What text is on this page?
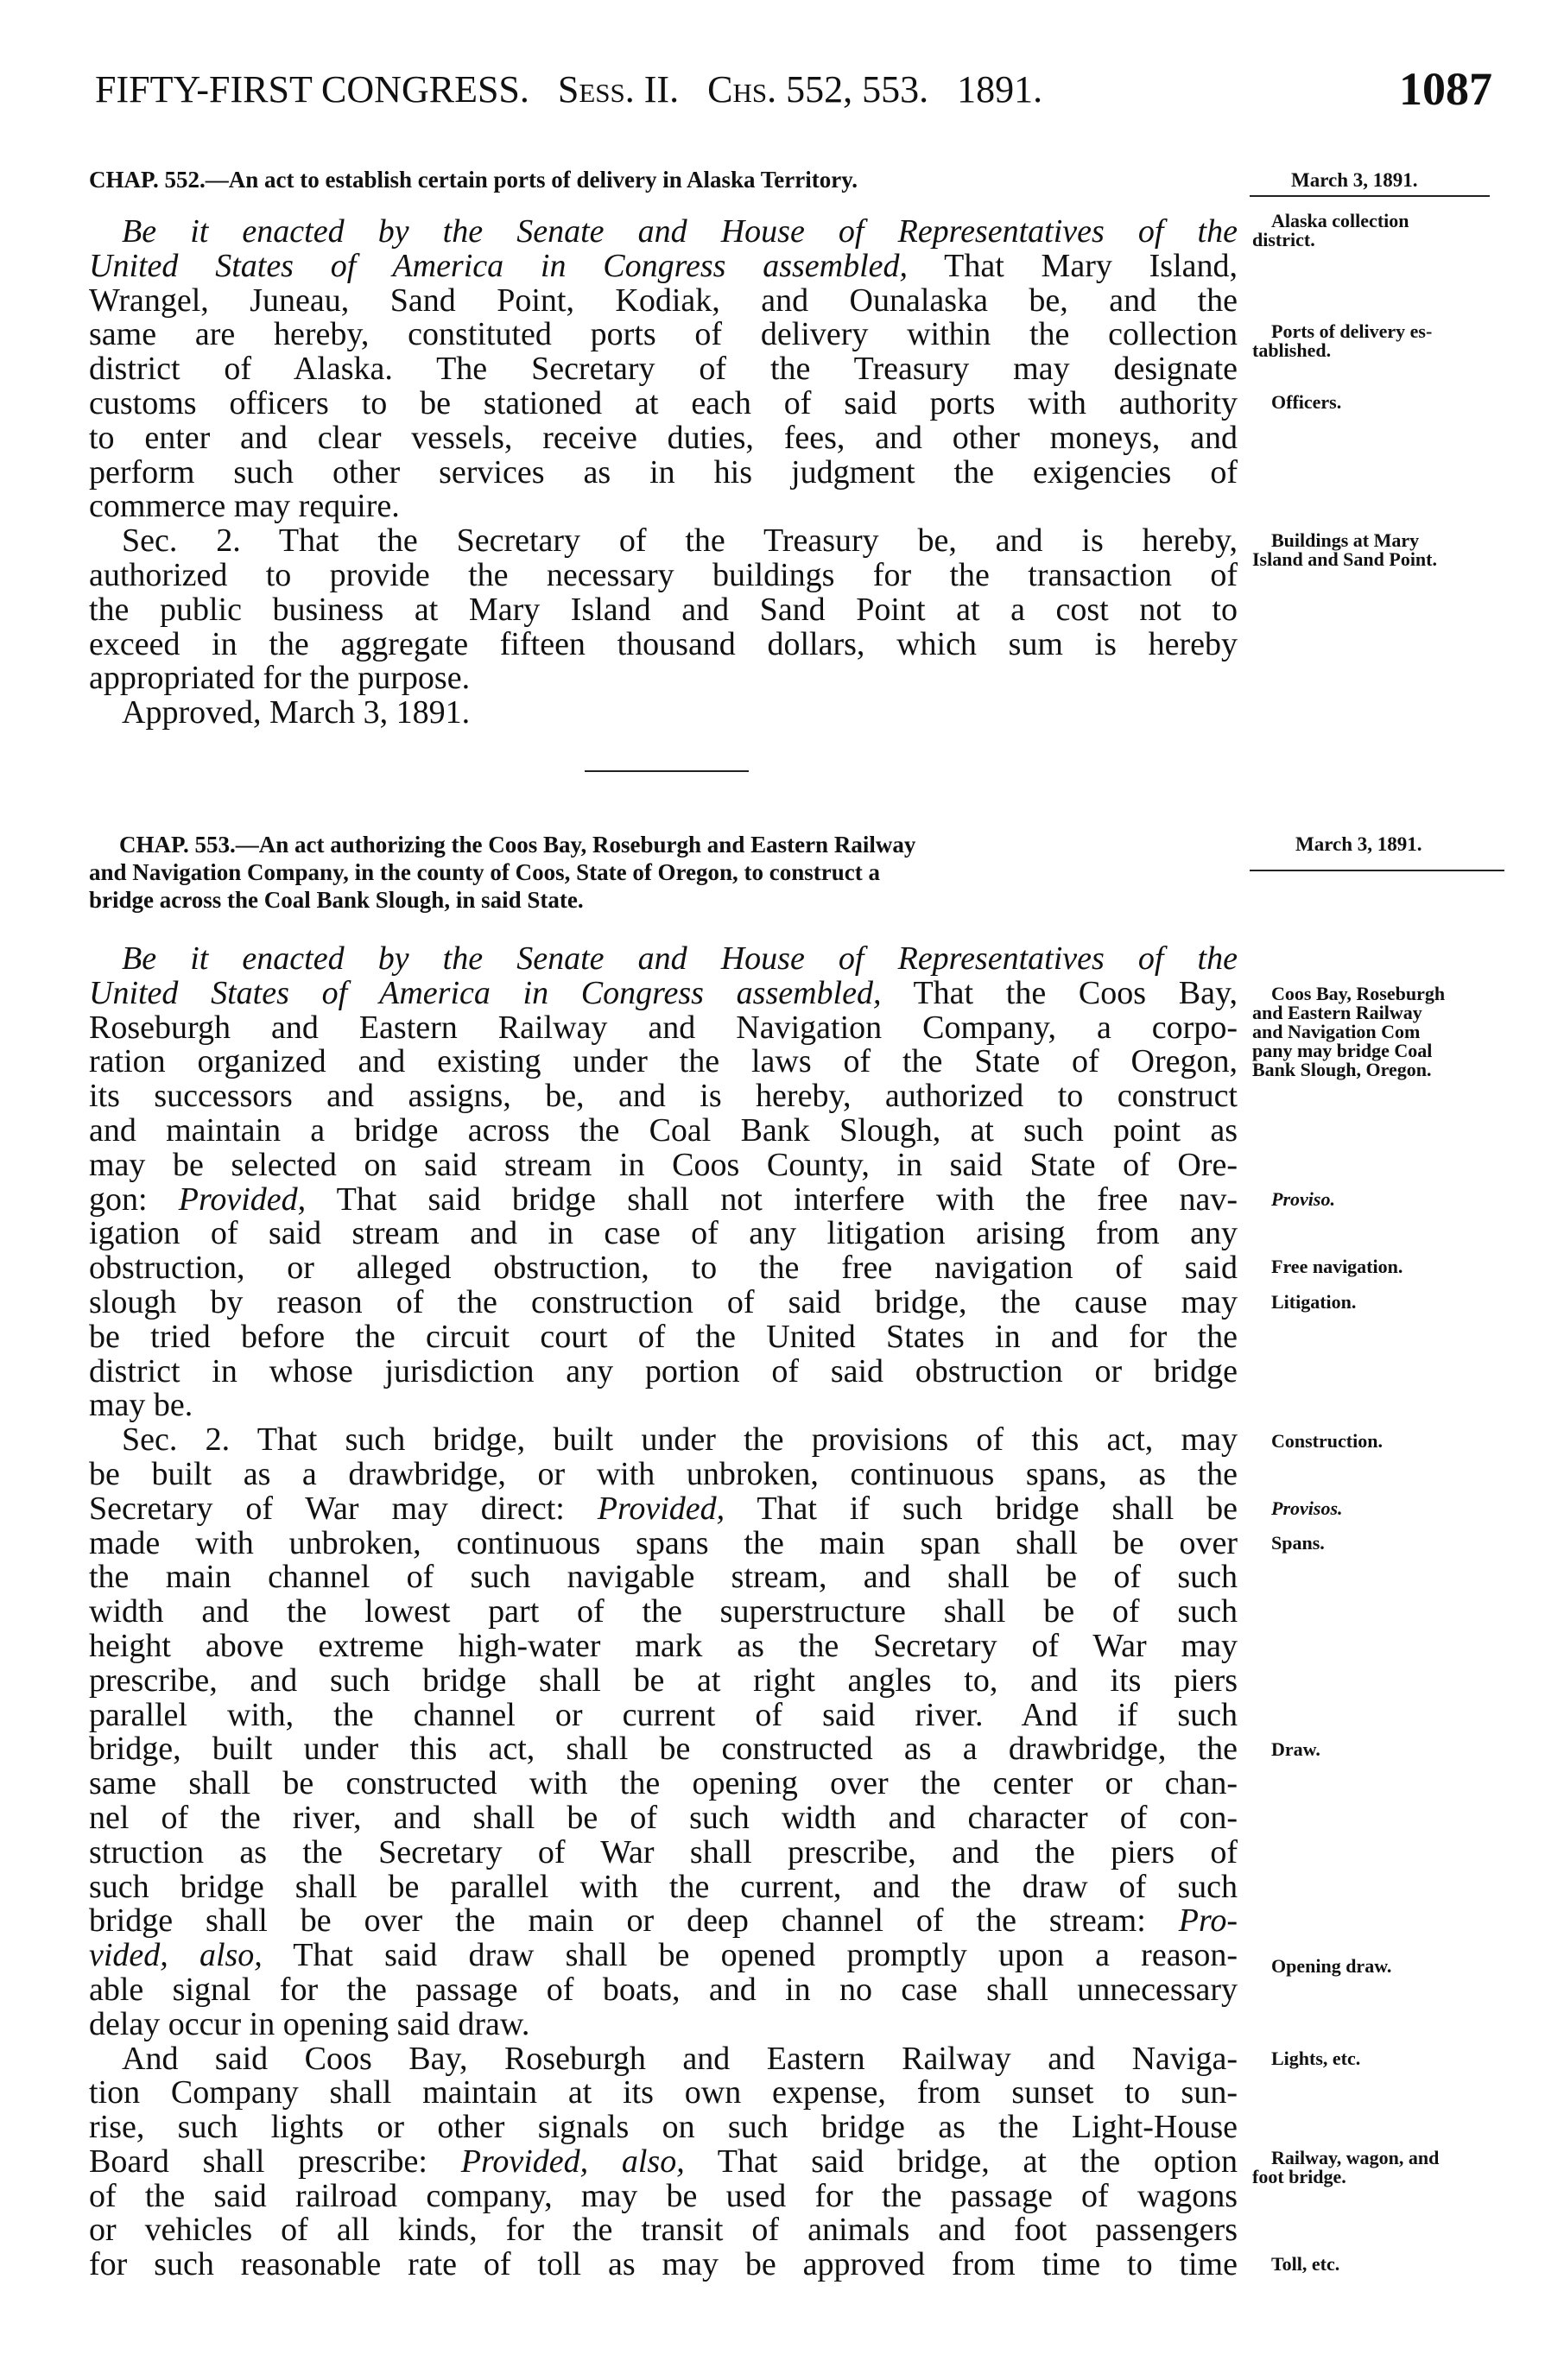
FIFTY-FIRST CONGRESS. Sess. II. Chs. 552, 553. 1891.	1087
CHAP. 552.—An act to establish certain ports of delivery in Alaska Territory.	March 3, 1891.
Be it enacted by the Senate and House of Representatives of the
United States of America in Congress assembled, That Mary Island,
Wrangel, Juneau, Sand Point, Kodiak, and Ounalaska be, and the
same are hereby, constituted ports of delivery within the collection
district of Alaska. The Secretary of the Treasury may designate
customs officers to be stationed at each of said ports with authority
to enter and clear vessels, receive duties, fees, and other moneys, and
perform such other services as in his judgment the exigencies of
commerce may require.
Sec. 2. That the Secretary of the Treasury be, and is hereby,
authorized to provide the necessary buildings for the transaction of
the public business at Mary Island and Sand Point at a cost not to
exceed in the aggregate fifteen thousand dollars, which sum is hereby
appropriated for the purpose.
Approved, March 3, 1891.
CHAP. 553.—An act authorizing the Coos Bay, Roseburgh and Eastern Railway
and Navigation Company, in the county of Coos, State of Oregon, to construct a
bridge across the Coal Bank Slough, in said State.
March 3, 1891.
Be it enacted by the Senate and House of Representatives of the
United States of America in Congress assembled, That the Coos Bay,
Roseburgh and Eastern Railway and Navigation Company, a corpo-
ration organized and existing under the laws of the State of Oregon,
its successors and assigns, be, and is hereby, authorized to construct
and maintain a bridge across the Coal Bank Slough, at such point as
may be selected on said stream in Coos County, in said State of Ore-
gon: Provided, That said bridge shall not interfere with the free nav-
igation of said stream and in case of any litigation arising from any
obstruction, or alleged obstruction, to the free navigation of said
slough by reason of the construction of said bridge, the cause may
be tried before the circuit court of the United States in and for the
district in whose jurisdiction any portion of said obstruction or bridge
may be.
Sec. 2. That such bridge, built under the provisions of this act, may
be built as a drawbridge, or with unbroken, continuous spans, as the
Secretary of War may direct: Provided, That if such bridge shall be
made with unbroken, continuous spans the main span shall be over
the main channel of such navigable stream, and shall be of such
width and the lowest part of the superstructure shall be of such
height above extreme high-water mark as the Secretary of War may
prescribe, and such bridge shall be at right angles to, and its piers
parallel with, the channel or current of said river. And if such
bridge, built under this act, shall be constructed as a drawbridge, the
same shall be constructed with the opening over the center or chan-
nel of the river, and shall be of such width and character of con-
struction as the Secretary of War shall prescribe, and the piers of
such bridge shall be parallel with the current, and the draw of such
bridge shall be over the main or deep channel of the stream: Pro-
vided, also, That said draw shall be opened promptly upon a reason-
able signal for the passage of boats, and in no case shall unnecessary
delay occur in opening said draw.
And said Coos Bay, Roseburgh and Eastern Railway and Naviga-
tion Company shall maintain at its own expense, from sunset to sun-
rise, such lights or other signals on such bridge as the Light-House
Board shall prescribe: Provided, also, That said bridge, at the option
of the said railroad company, may be used for the passage of wagons
or vehicles of all kinds, for the transit of animals and foot passengers
for such reasonable rate of toll as may be approved from time to time
Alaska collection
district.
Ports of delivery es-
tablished.
Officers.
Buildings at Mary
Island and Sand Point.
Coos Bay, Roseburgh
and Eastern Railway
and Navigation Com
pany may bridge Coal
Bank Slough, Oregon.
Proviso.
Free navigation.
Litigation.
Construction.
Provisos.
Spans.
Draw.
Opening draw.
Lights, etc.
Railway, wagon, and
foot bridge.
Toll, etc.
